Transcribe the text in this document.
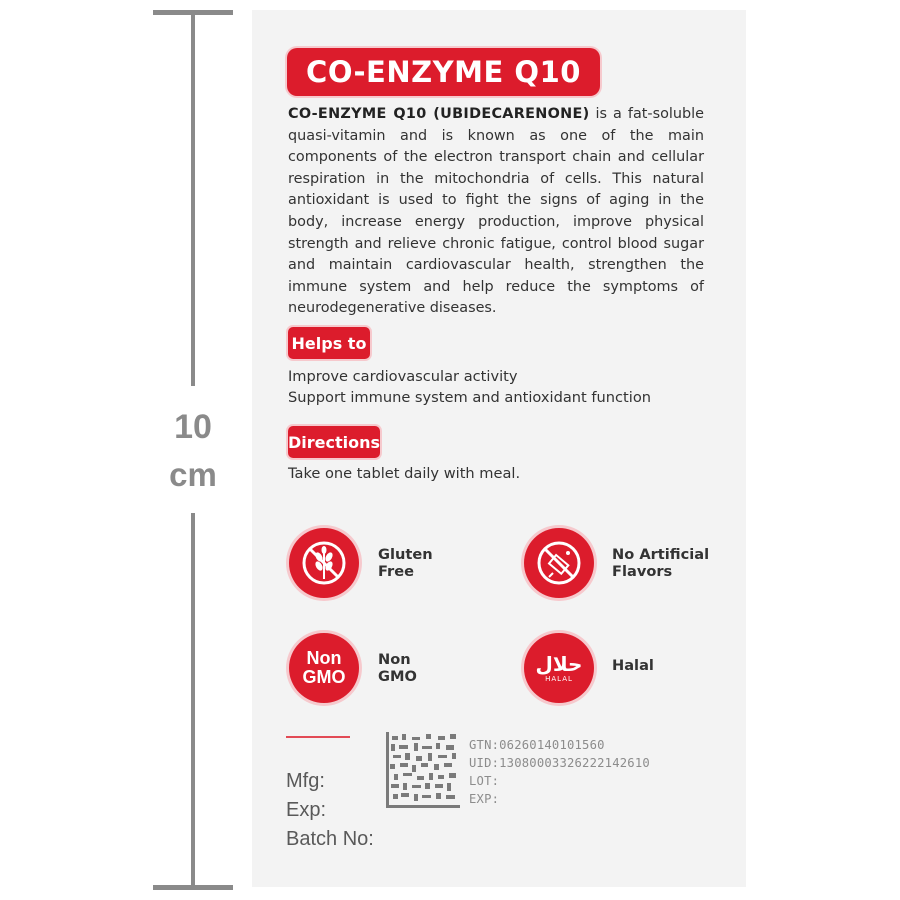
10
cm
CO-ENZYME Q10

CO-ENZYME Q10 (UBIDECARENONE) is a fat-soluble quasi-vitamin and is known as one of the main components of the electron transport chain and cellular respiration in the mitochondria of cells. This natural antioxidant is used to fight the signs of aging in the body, increase energy production, improve physical strength and relieve chronic fatigue, control blood sugar and maintain cardiovascular health, strengthen the immune system and help reduce the symptoms of neurodegenerative diseases.

Helps to
Improve cardiovascular activity
Support immune system and antioxidant function
Directions
Take one tablet daily with meal.
Gluten
Free
No Artificial
Flavors
Non
GMO
Non
GMO
حلال
HALAL
Halal
GTN:06260140101560
UID:13080003326222142610
LOT:
EXP:
Mfg:
Exp:
Batch No:
